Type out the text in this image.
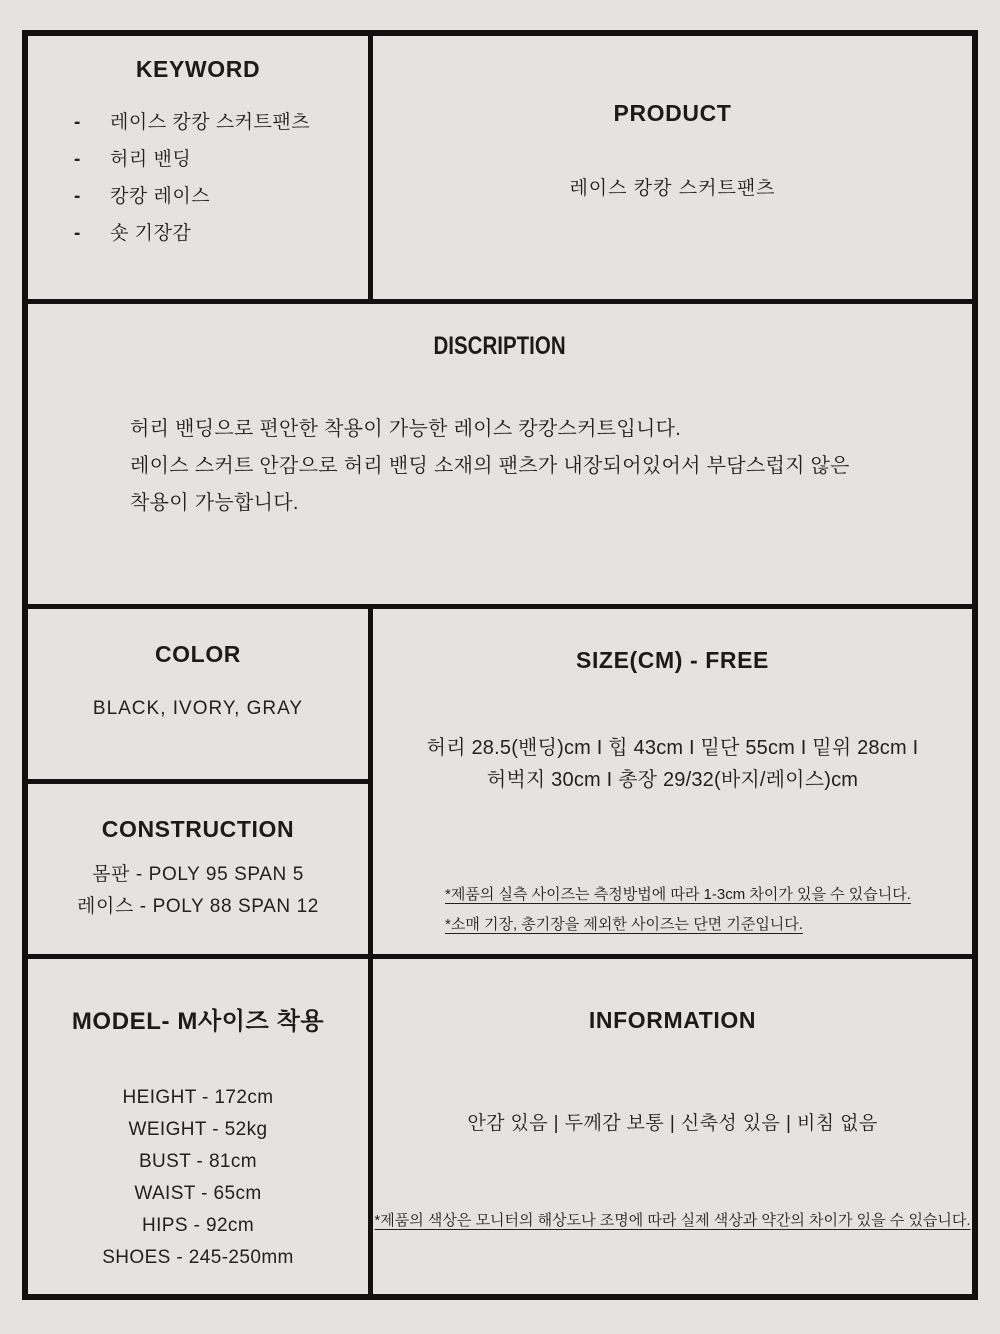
KEYWORD
-	레이스 캉캉 스커트팬츠
-	허리 밴딩
-	캉캉 레이스
-	숏 기장감
PRODUCT
레이스 캉캉 스커트팬츠
DISCRIPTION
허리 밴딩으로 편안한 착용이 가능한 레이스 캉캉스커트입니다.
레이스 스커트 안감으로 허리 밴딩 소재의 팬츠가 내장되어있어서 부담스럽지 않은
착용이 가능합니다.
COLOR
BLACK, IVORY, GRAY
CONSTRUCTION
몸판 - POLY 95 SPAN 5
레이스 - POLY 88 SPAN 12
SIZE(CM) - FREE
허리 28.5(밴딩)cm I 힙 43cm I 밑단 55cm I 밑위 28cm I
허벅지 30cm I 총장 29/32(바지/레이스)cm
*제품의 실측 사이즈는 측정방법에 따라 1-3cm 차이가 있을 수 있습니다.
*소매 기장, 총기장을 제외한 사이즈는 단면 기준입니다.
MODEL- M사이즈 착용
HEIGHT - 172cm
WEIGHT - 52kg
BUST - 81cm
WAIST - 65cm
HIPS - 92cm
SHOES - 245-250mm
INFORMATION
안감 있음 | 두께감 보통 | 신축성 있음 | 비침 없음
*제품의 색상은 모니터의 해상도나 조명에 따라 실제 색상과 약간의 차이가 있을 수 있습니다.
